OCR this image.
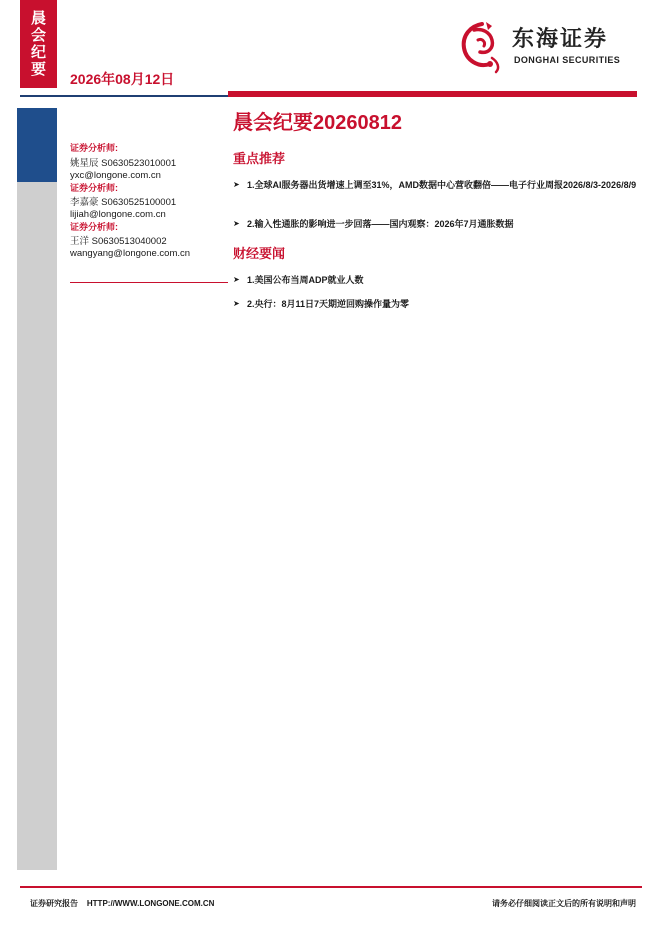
晨
会
纪
要
2026年08月12日
东海证券
DONGHAI SECURITIES
证券分析师:
姚星辰 S0630523010001
yxc@longone.com.cn
证券分析师:
李嘉豪 S0630525100001
lijiah@longone.com.cn
证券分析师:
王洋 S0630513040002
wangyang@longone.com.cn
晨会纪要20260812
重点推荐
➤ 1.全球AI服务器出货增速上调至31%，AMD数据中心营收翻倍——电子行业周报2026/8/3-2026/8/9
➤ 2.输入性通胀的影响进一步回落——国内观察：2026年7月通胀数据
财经要闻
➤ 1.美国公布当周ADP就业人数
➤ 2.央行：8月11日7天期逆回购操作量为零
证券研究报告    HTTP://WWW.LONGONE.COM.CN	请务必仔细阅读正文后的所有说明和声明
